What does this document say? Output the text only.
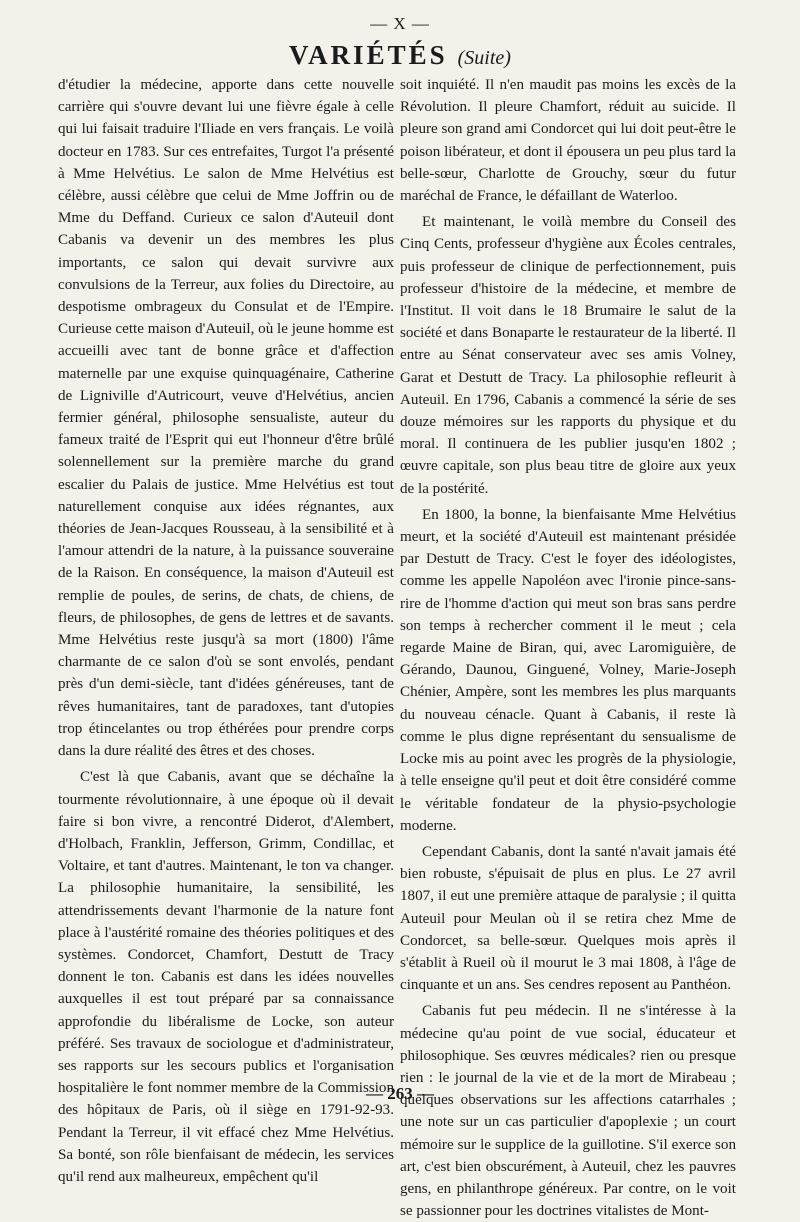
— X —
VARIÉTÉS (Suite)

d'étudier la médecine, apporte dans cette nouvelle carrière qui s'ouvre devant lui une fièvre égale à celle qui lui faisait traduire l'Iliade en vers français. Le voilà docteur en 1783. Sur ces entrefaites, Turgot l'a présenté à Mme Helvétius. Le salon de Mme Helvétius est célèbre, aussi célèbre que celui de Mme Joffrin ou de Mme du Deffand. Curieux ce salon d'Auteuil dont Cabanis va devenir un des membres les plus importants, ce salon qui devait survivre aux convulsions de la Terreur, aux folies du Directoire, au despotisme ombrageux du Consulat et de l'Empire. Curieuse cette maison d'Auteuil, où le jeune homme est accueilli avec tant de bonne grâce et d'affection maternelle par une exquise quinquagénaire, Catherine de Ligniville d'Autricourt, veuve d'Helvétius, ancien fermier général, philosophe sensualiste, auteur du fameux traité de l'Esprit qui eut l'honneur d'être brûlé solennellement sur la première marche du grand escalier du Palais de justice. Mme Helvétius est tout naturellement conquise aux idées régnantes, aux théories de Jean-Jacques Rousseau, à la sensibilité et à l'amour attendri de la nature, à la puissance souveraine de la Raison. En conséquence, la maison d'Auteuil est remplie de poules, de serins, de chats, de chiens, de fleurs, de philosophes, de gens de lettres et de savants. Mme Helvétius reste jusqu'à sa mort (1800) l'âme charmante de ce salon d'où se sont envolés, pendant près d'un demi-siècle, tant d'idées généreuses, tant de rêves humanitaires, tant de paradoxes, tant d'utopies trop étincelantes ou trop éthérées pour prendre corps dans la dure réalité des êtres et des choses.

C'est là que Cabanis, avant que se déchaîne la tourmente révolutionnaire, à une époque où il devait faire si bon vivre, a rencontré Diderot, d'Alembert, d'Holbach, Franklin, Jefferson, Grimm, Condillac, et Voltaire, et tant d'autres. Maintenant, le ton va changer. La philosophie humanitaire, la sensibilité, les attendrissements devant l'harmonie de la nature font place à l'austérité romaine des théories politiques et des systèmes. Condorcet, Chamfort, Destutt de Tracy donnent le ton. Cabanis est dans les idées nouvelles auxquelles il est tout préparé par sa connaissance approfondie du libéralisme de Locke, son auteur préféré. Ses travaux de sociologue et d'administrateur, ses rapports sur les secours publics et l'organisation hospitalière le font nommer membre de la Commission des hôpitaux de Paris, où il siège en 1791-92-93. Pendant la Terreur, il vit effacé chez Mme Helvétius. Sa bonté, son rôle bienfaisant de médecin, les services qu'il rend aux malheureux, empêchent qu'il

soit inquiété. Il n'en maudit pas moins les excès de la Révolution. Il pleure Chamfort, réduit au suicide. Il pleure son grand ami Condorcet qui lui doit peut-être le poison libérateur, et dont il épousera un peu plus tard la belle-sœur, Charlotte de Grouchy, sœur du futur maréchal de France, le défaillant de Waterloo.

Et maintenant, le voilà membre du Conseil des Cinq Cents, professeur d'hygiène aux Écoles centrales, puis professeur de clinique de perfectionnement, puis professeur d'histoire de la médecine, et membre de l'Institut. Il voit dans le 18 Brumaire le salut de la société et dans Bonaparte le restaurateur de la liberté. Il entre au Sénat conservateur avec ses amis Volney, Garat et Destutt de Tracy. La philosophie refleurit à Auteuil. En 1796, Cabanis a commencé la série de ses douze mémoires sur les rapports du physique et du moral. Il continuera de les publier jusqu'en 1802 ; œuvre capitale, son plus beau titre de gloire aux yeux de la postérité.

En 1800, la bonne, la bienfaisante Mme Helvétius meurt, et la société d'Auteuil est maintenant présidée par Destutt de Tracy. C'est le foyer des idéologistes, comme les appelle Napoléon avec l'ironie pince-sans-rire de l'homme d'action qui meut son bras sans perdre son temps à rechercher comment il le meut ; cela regarde Maine de Biran, qui, avec Laromiguière, de Gérando, Daunou, Ginguené, Volney, Marie-Joseph Chénier, Ampère, sont les membres les plus marquants du nouveau cénacle. Quant à Cabanis, il reste là comme le plus digne représentant du sensualisme de Locke mis au point avec les progrès de la physiologie, à telle enseigne qu'il peut et doit être considéré comme le véritable fondateur de la physio-psychologie moderne.

Cependant Cabanis, dont la santé n'avait jamais été bien robuste, s'épuisait de plus en plus. Le 27 avril 1807, il eut une première attaque de paralysie ; il quitta Auteuil pour Meulan où il se retira chez Mme de Condorcet, sa belle-sœur. Quelques mois après il s'établit à Rueil où il mourut le 3 mai 1808, à l'âge de cinquante et un ans. Ses cendres reposent au Panthéon.

Cabanis fut peu médecin. Il ne s'intéresse à la médecine qu'au point de vue social, éducateur et philosophique. Ses œuvres médicales? rien ou presque rien : le journal de la vie et de la mort de Mirabeau ; quelques observations sur les affections catarrhales ; une note sur un cas particulier d'apoplexie ; un court mémoire sur le supplice de la guillotine. S'il exerce son art, c'est bien obscurément, à Auteuil, chez les pauvres gens, en philanthrope généreux. Par contre, on le voit se passionner pour les doctrines vitalistes de Mont-

— 263 —
